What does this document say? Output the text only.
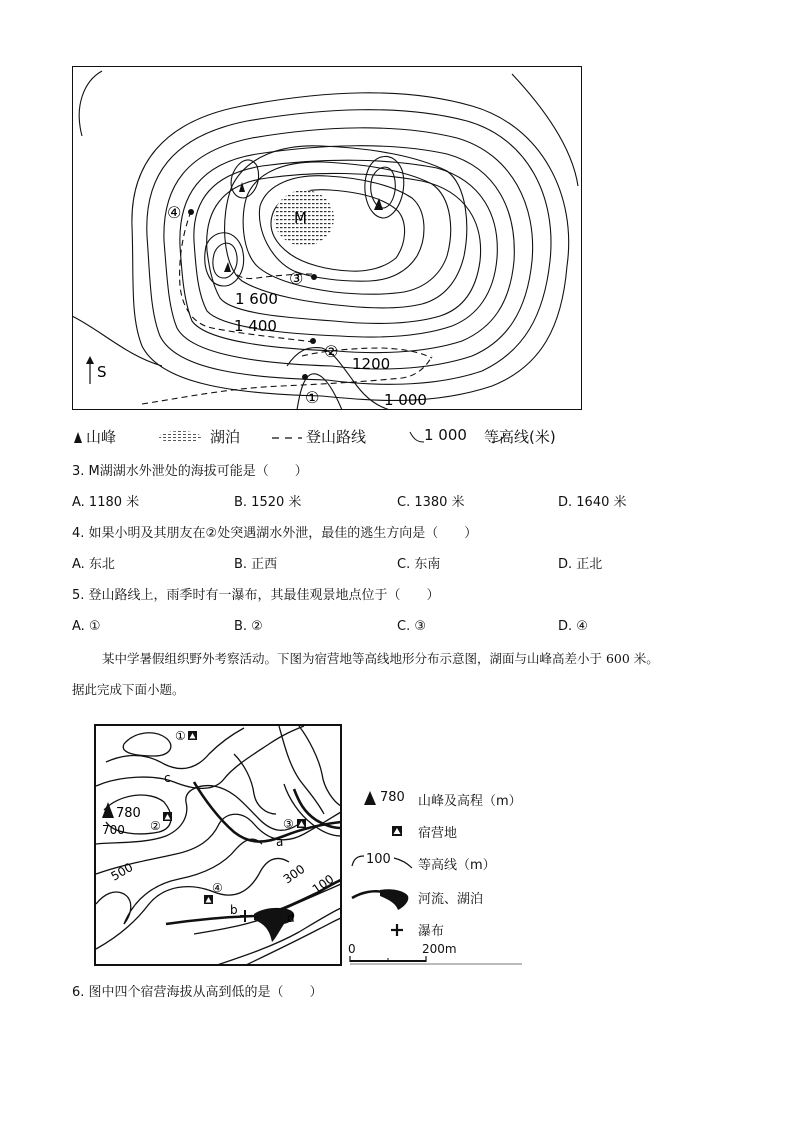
M
1 600
1 400
1200
1 000
①
②
③
④
S
山峰	湖泊	登山路线	1 000 等高线(米)
3. M湖湖水外泄处的海拔可能是（　　）
A. 1180 米	B. 1520 米	C. 1380 米	D. 1640 米
4. 如果小明及其朋友在②处突遇湖水外泄，最佳的逃生方向是（　　）
A. 东北	B. 正西	C. 东南	D. 正北
5. 登山路线上，雨季时有一瀑布，其最佳观景地点位于（　　）
A. ①	B. ②	C. ③	D. ④
某中学暑假组织野外考察活动。下图为宿营地等高线地形分布示意图，湖面与山峰高差小于 600 米。
据此完成下面小题。
780
700
500	300 100
a
b
c
d
①
②	③
④
780 山峰及高程（m）
宿营地
100 等高线（m）
河流、湖泊
瀑布
0	200m
6. 图中四个宿营海拔从高到低的是（　　）
